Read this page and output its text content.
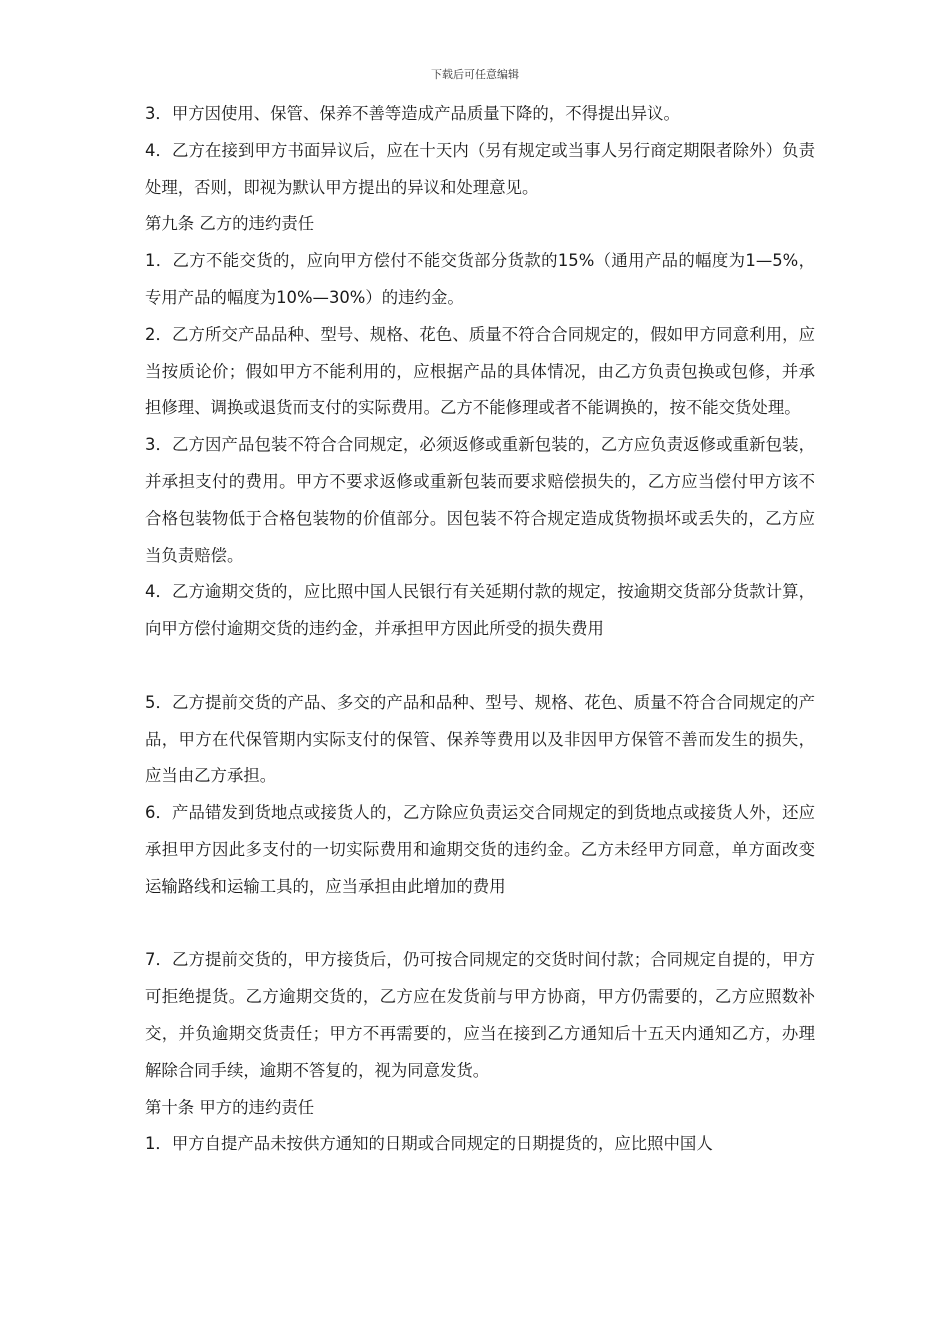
下载后可任意编辑

3．甲方因使用、保管、保养不善等造成产品质量下降的，不得提出异议。

4．乙方在接到甲方书面异议后，应在十天内（另有规定或当事人另行商定期限者除外）负责处理，否则，即视为默认甲方提出的异议和处理意见。

第九条 乙方的违约责任

1．乙方不能交货的，应向甲方偿付不能交货部分货款的15%（通用产品的幅度为1—5%，专用产品的幅度为10%—30%）的违约金。

2．乙方所交产品品种、型号、规格、花色、质量不符合合同规定的，假如甲方同意利用，应当按质论价；假如甲方不能利用的，应根据产品的具体情况，由乙方负责包换或包修，并承担修理、调换或退货而支付的实际费用。乙方不能修理或者不能调换的，按不能交货处理。

3．乙方因产品包装不符合合同规定，必须返修或重新包装的，乙方应负责返修或重新包装，并承担支付的费用。甲方不要求返修或重新包装而要求赔偿损失的，乙方应当偿付甲方该不合格包装物低于合格包装物的价值部分。因包装不符合规定造成货物损坏或丢失的，乙方应当负责赔偿。

4．乙方逾期交货的，应比照中国人民银行有关延期付款的规定，按逾期交货部分货款计算，向甲方偿付逾期交货的违约金，并承担甲方因此所受的损失费用

5．乙方提前交货的产品、多交的产品和品种、型号、规格、花色、质量不符合合同规定的产品，甲方在代保管期内实际支付的保管、保养等费用以及非因甲方保管不善而发生的损失，应当由乙方承担。

6．产品错发到货地点或接货人的，乙方除应负责运交合同规定的到货地点或接货人外，还应承担甲方因此多支付的一切实际费用和逾期交货的违约金。乙方未经甲方同意，单方面改变运输路线和运输工具的，应当承担由此增加的费用

7．乙方提前交货的，甲方接货后，仍可按合同规定的交货时间付款；合同规定自提的，甲方可拒绝提货。乙方逾期交货的，乙方应在发货前与甲方协商，甲方仍需要的，乙方应照数补交，并负逾期交货责任；甲方不再需要的，应当在接到乙方通知后十五天内通知乙方，办理解除合同手续，逾期不答复的，视为同意发货。

第十条 甲方的违约责任

1．甲方自提产品未按供方通知的日期或合同规定的日期提货的，应比照中国人
